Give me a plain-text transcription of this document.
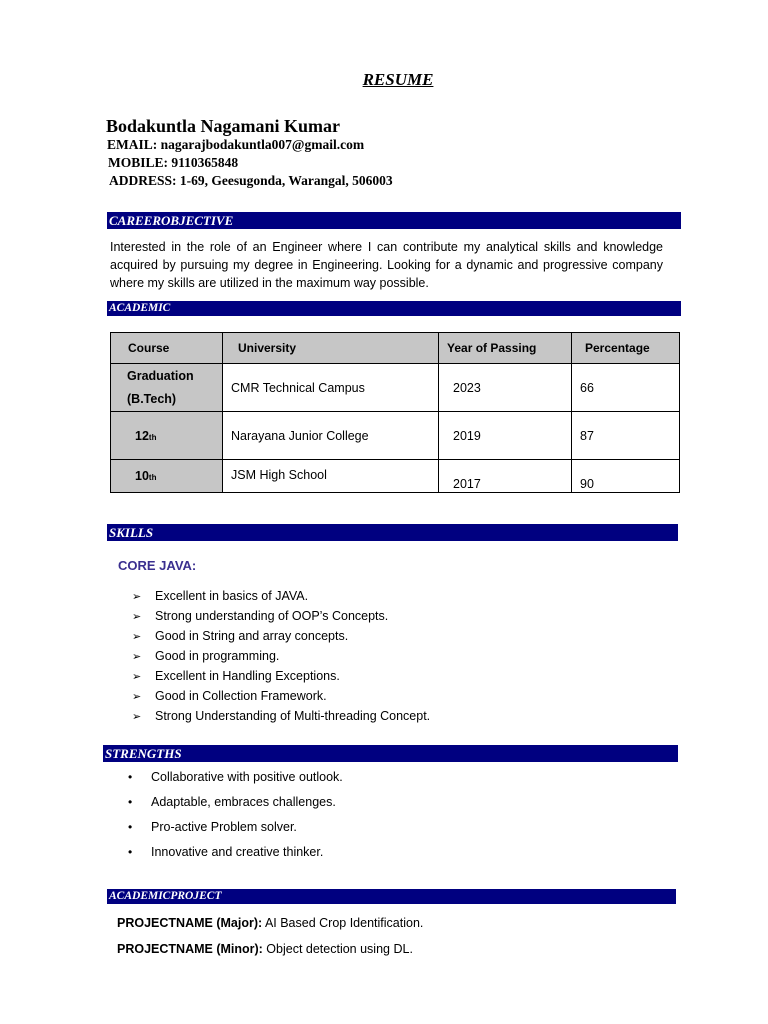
RESUME
Bodakuntla Nagamani Kumar
EMAIL: nagarajbodakuntla007@gmail.com
MOBILE: 9110365848
ADDRESS: 1-69, Geesugonda, Warangal, 506003
CAREEROBJECTIVE
Interested in the role of an Engineer where I can contribute my analytical skills and knowledge acquired by pursuing my degree in Engineering. Looking for a dynamic and progressive company where my skills are utilized in the maximum way possible.
ACADEMIC
Course	University	Year of Passing	Percentage

Graduation
(B.Tech)	CMR Technical Campus	2023	66
12th	Narayana Junior College	2019	87
10th	JSM High School	2017	90
SKILLS
CORE JAVA:
➢ Excellent in basics of JAVA.
➢ Strong understanding of OOP’s Concepts.
➢ Good in String and array concepts.
➢ Good in programming.
➢ Excellent in Handling Exceptions.
➢ Good in Collection Framework.
➢ Strong Understanding of Multi-threading Concept.
STRENGTHS
• Collaborative with positive outlook.
• Adaptable, embraces challenges.
• Pro-active Problem solver.
• Innovative and creative thinker.
ACADEMICPROJECT
PROJECTNAME (Major): AI Based Crop Identification.
PROJECTNAME (Minor): Object detection using DL.
